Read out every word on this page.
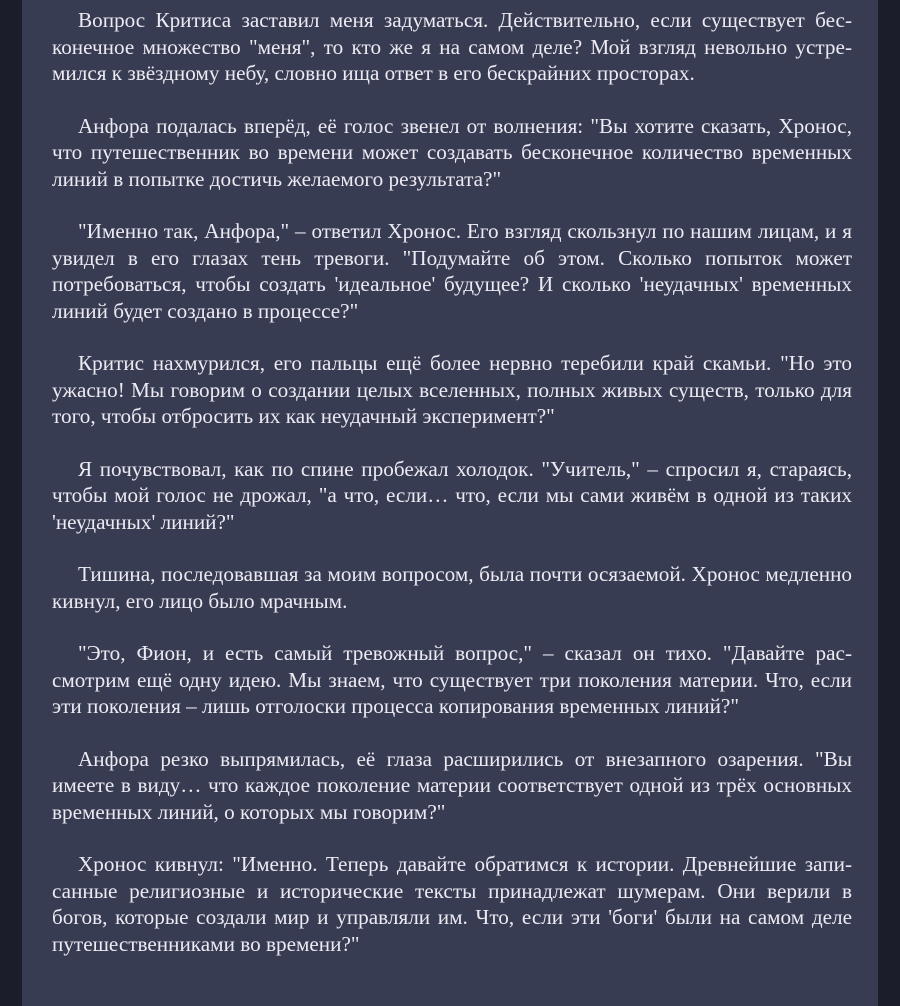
Вопрос Критиса заставил меня задуматься. Действительно, если существует бесконечное множество "меня", то кто же я на самом деле? Мой взгляд невольно устремился к звёздному небу, словно ища ответ в его бескрайних просторах.

Анфора подалась вперёд, её голос звенел от волнения: "Вы хотите сказать, Хронос, что путешественник во времени может создавать бесконечное количество временных линий в попытке достичь желаемого результата?"

"Именно так, Анфора," – ответил Хронос. Его взгляд скользнул по нашим лицам, и я увидел в его глазах тень тревоги. "Подумайте об этом. Сколько попыток может потребоваться, чтобы создать 'идеальное' будущее? И сколько 'неудачных' временных линий будет создано в процессе?"

Критис нахмурился, его пальцы ещё более нервно теребили край скамьи. "Но это ужасно! Мы говорим о создании целых вселенных, полных живых существ, только для того, чтобы отбросить их как неудачный эксперимент?"

Я почувствовал, как по спине пробежал холодок. "Учитель," – спросил я, стараясь, чтобы мой голос не дрожал, "а что, если… что, если мы сами живём в одной из таких 'неудачных' линий?"

Тишина, последовавшая за моим вопросом, была почти осязаемой. Хронос медленно кивнул, его лицо было мрачным.

"Это, Фион, и есть самый тревожный вопрос," – сказал он тихо. "Давайте рассмотрим ещё одну идею. Мы знаем, что существует три поколения материи. Что, если эти поколения – лишь отголоски процесса копирования временных линий?"

Анфора резко выпрямилась, её глаза расширились от внезапного озарения. "Вы имеете в виду… что каждое поколение материи соответствует одной из трёх основных временных линий, о которых мы говорим?"

Хронос кивнул: "Именно. Теперь давайте обратимся к истории. Древнейшие записанные религиозные и исторические тексты принадлежат шумерам. Они верили в богов, которые создали мир и управляли им. Что, если эти 'боги' были на самом деле путешественниками во времени?"
